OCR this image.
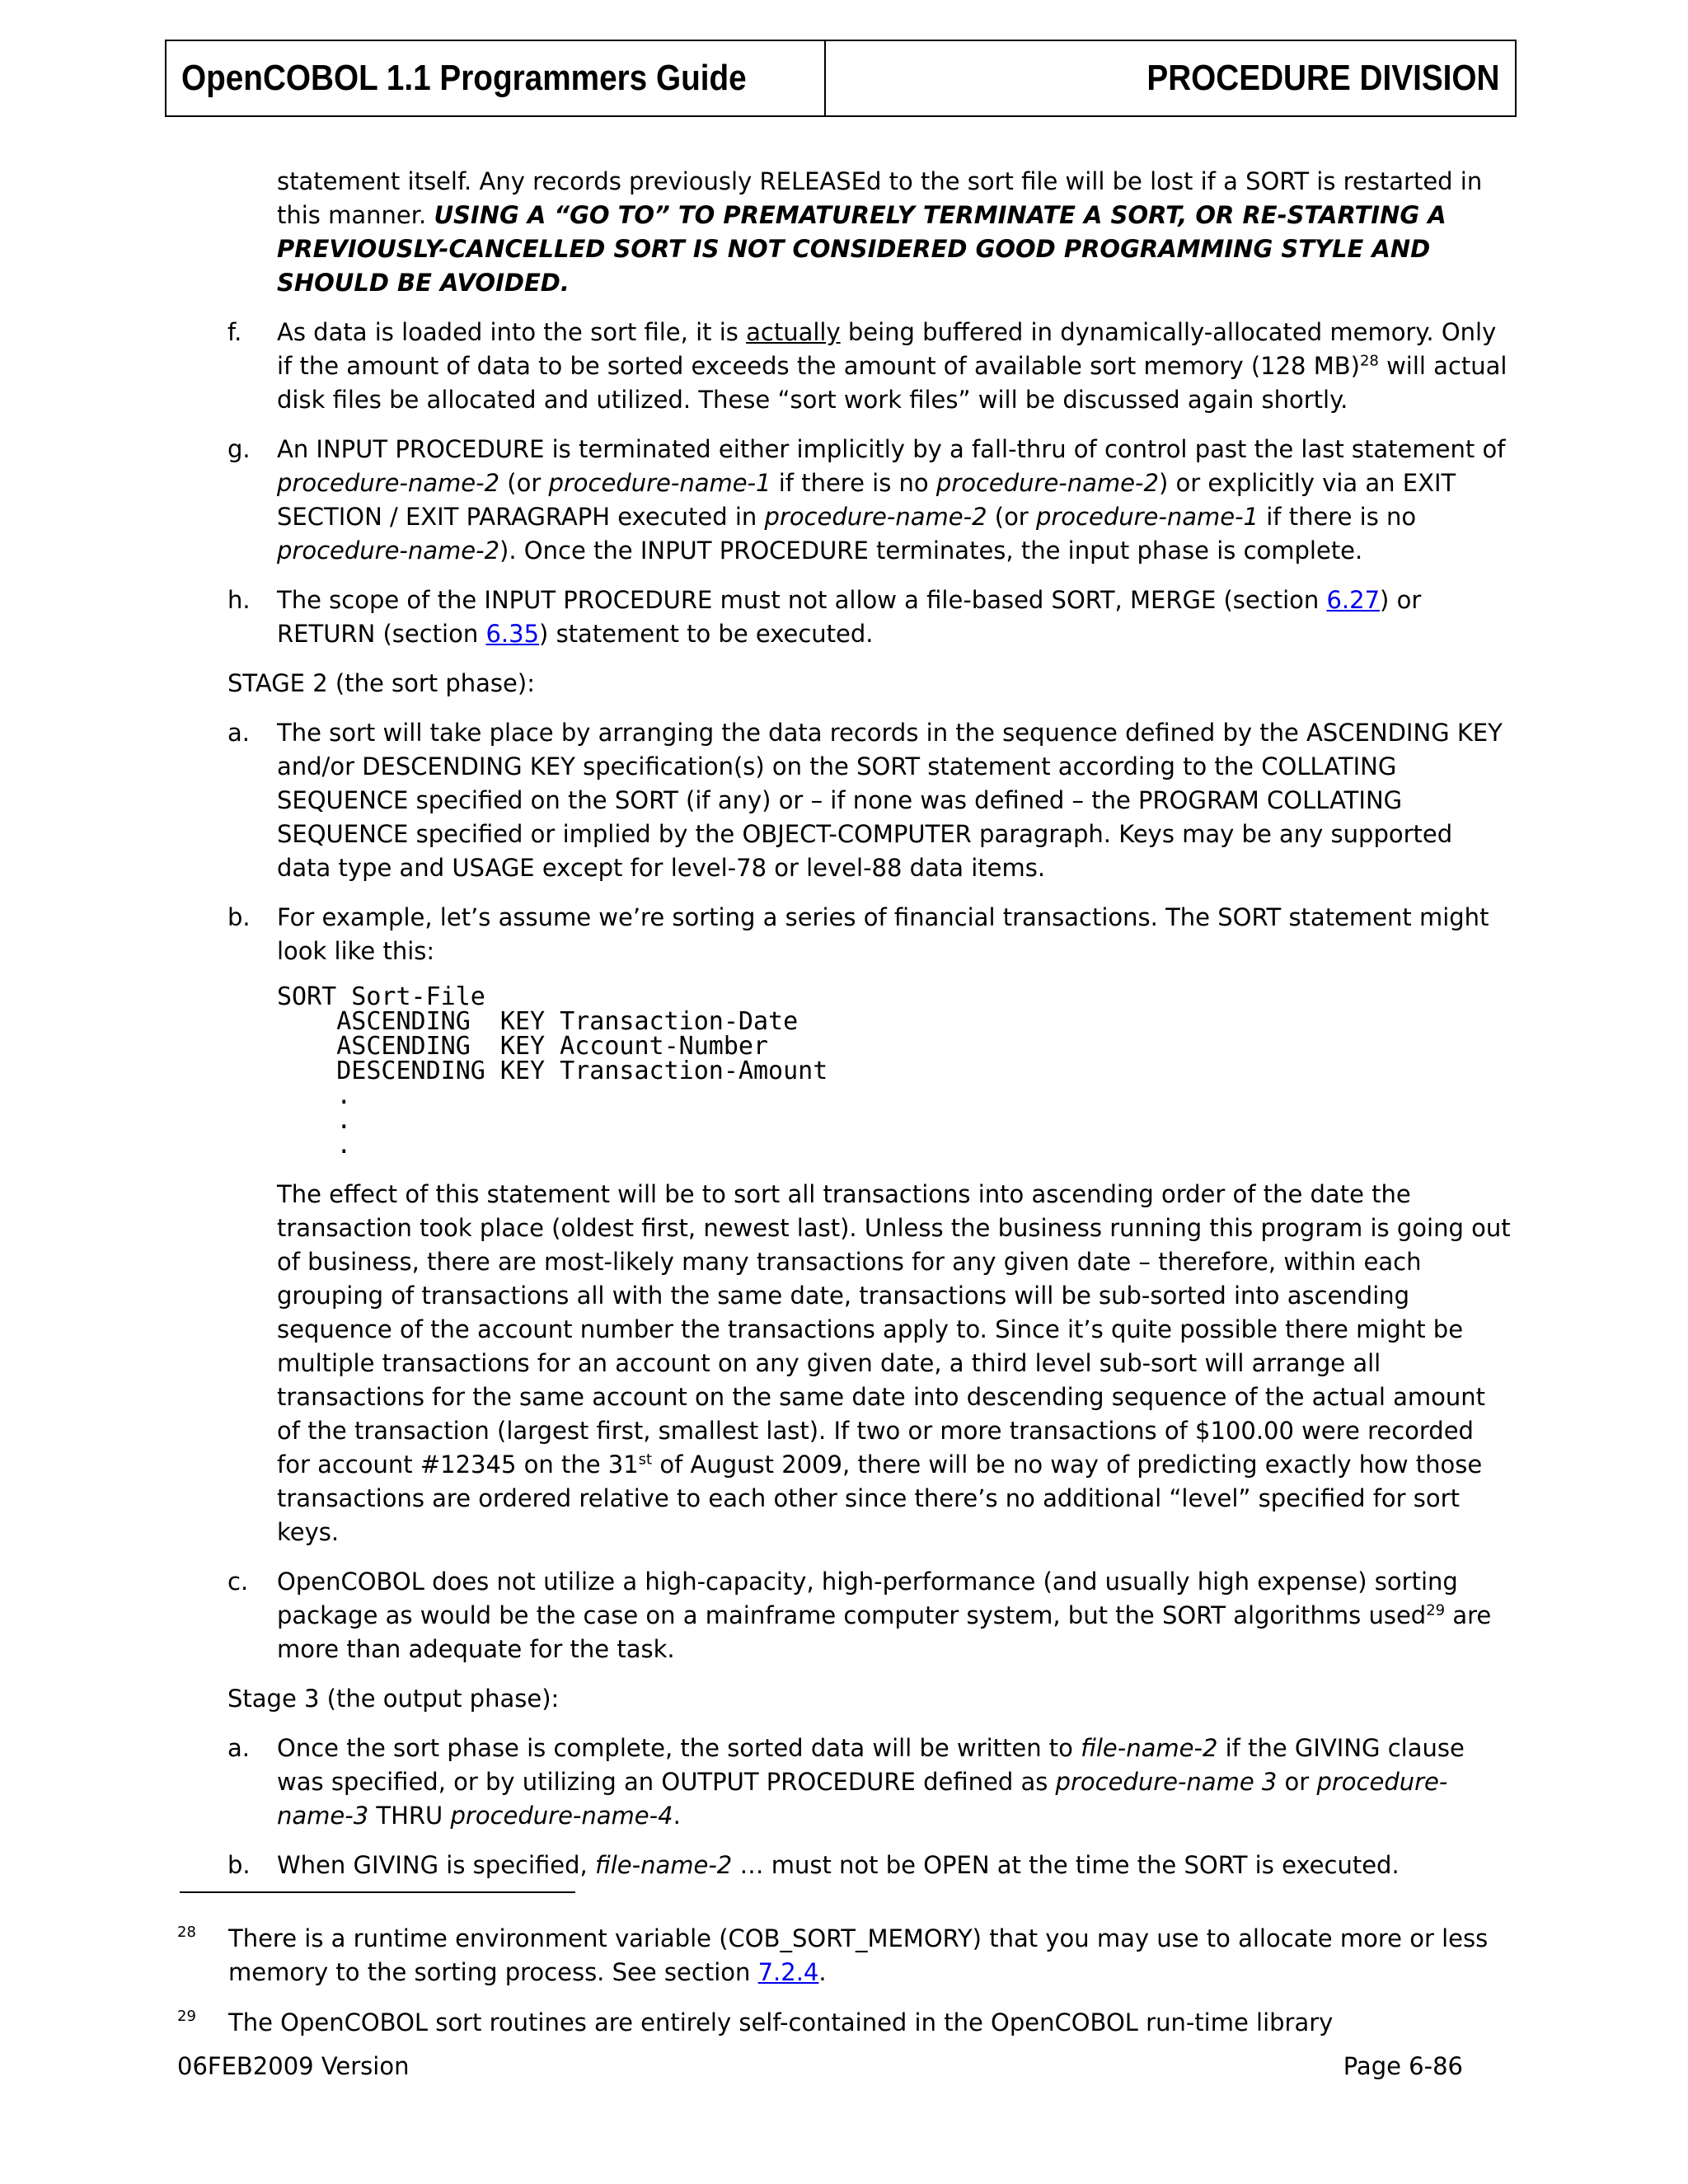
OpenCOBOL 1.1 Programmers Guide	PROCEDURE DIVISION

statement itself. Any records previously RELEASEd to the sort file will be lost if a SORT is restarted in this manner. USING A “GO TO” TO PREMATURELY TERMINATE A SORT, OR RE-STARTING A PREVIOUSLY-CANCELLED SORT IS NOT CONSIDERED GOOD PROGRAMMING STYLE AND SHOULD BE AVOIDED.

f. As data is loaded into the sort file, it is actually being buffered in dynamically-allocated memory. Only if the amount of data to be sorted exceeds the amount of available sort memory (128 MB)$^{28}$ will actual disk files be allocated and utilized. These “sort work files” will be discussed again shortly.

g. An INPUT PROCEDURE is terminated either implicitly by a fall-thru of control past the last statement of procedure-name-2 (or procedure-name-1 if there is no procedure-name-2) or explicitly via an EXIT SECTION / EXIT PARAGRAPH executed in procedure-name-2 (or procedure-name-1 if there is no procedure-name-2). Once the INPUT PROCEDURE terminates, the input phase is complete.

h. The scope of the INPUT PROCEDURE must not allow a file-based SORT, MERGE (section 6.27) or RETURN (section 6.35) statement to be executed.

STAGE 2 (the sort phase):

a. The sort will take place by arranging the data records in the sequence defined by the ASCENDING KEY and/or DESCENDING KEY specification(s) on the SORT statement according to the COLLATING SEQUENCE specified on the SORT (if any) or – if none was defined – the PROGRAM COLLATING SEQUENCE specified or implied by the OBJECT-COMPUTER paragraph. Keys may be any supported data type and USAGE except for level-78 or level-88 data items.

b. For example, let’s assume we’re sorting a series of financial transactions. The SORT statement might look like this:
SORT Sort-File
ASCENDING  KEY Transaction-Date
ASCENDING  KEY Account-Number
DESCENDING KEY Transaction-Amount
.
.
.

The effect of this statement will be to sort all transactions into ascending order of the date the transaction took place (oldest first, newest last). Unless the business running this program is going out of business, there are most-likely many transactions for any given date – therefore, within each grouping of transactions all with the same date, transactions will be sub-sorted into ascending sequence of the account number the transactions apply to. Since it’s quite possible there might be multiple transactions for an account on any given date, a third level sub-sort will arrange all transactions for the same account on the same date into descending sequence of the actual amount of the transaction (largest first, smallest last). If two or more transactions of $100.00 were recorded for account #12345 on the 31st of August 2009, there will be no way of predicting exactly how those transactions are ordered relative to each other since there’s no additional “level” specified for sort keys.

c. OpenCOBOL does not utilize a high-capacity, high-performance (and usually high expense) sorting package as would be the case on a mainframe computer system, but the SORT algorithms used$^{29}$ are more than adequate for the task.

Stage 3 (the output phase):

a. Once the sort phase is complete, the sorted data will be written to file-name-2 if the GIVING clause was specified, or by utilizing an OUTPUT PROCEDURE defined as procedure-name 3 or procedure-name-3 THRU procedure-name-4.

b. When GIVING is specified, file-name-2 … must not be OPEN at the time the SORT is executed.

28 There is a runtime environment variable (COB_SORT_MEMORY) that you may use to allocate more or less memory to the sorting process. See section 7.2.4.
29 The OpenCOBOL sort routines are entirely self-contained in the OpenCOBOL run-time library
06FEB2009 Version	Page 6-86
